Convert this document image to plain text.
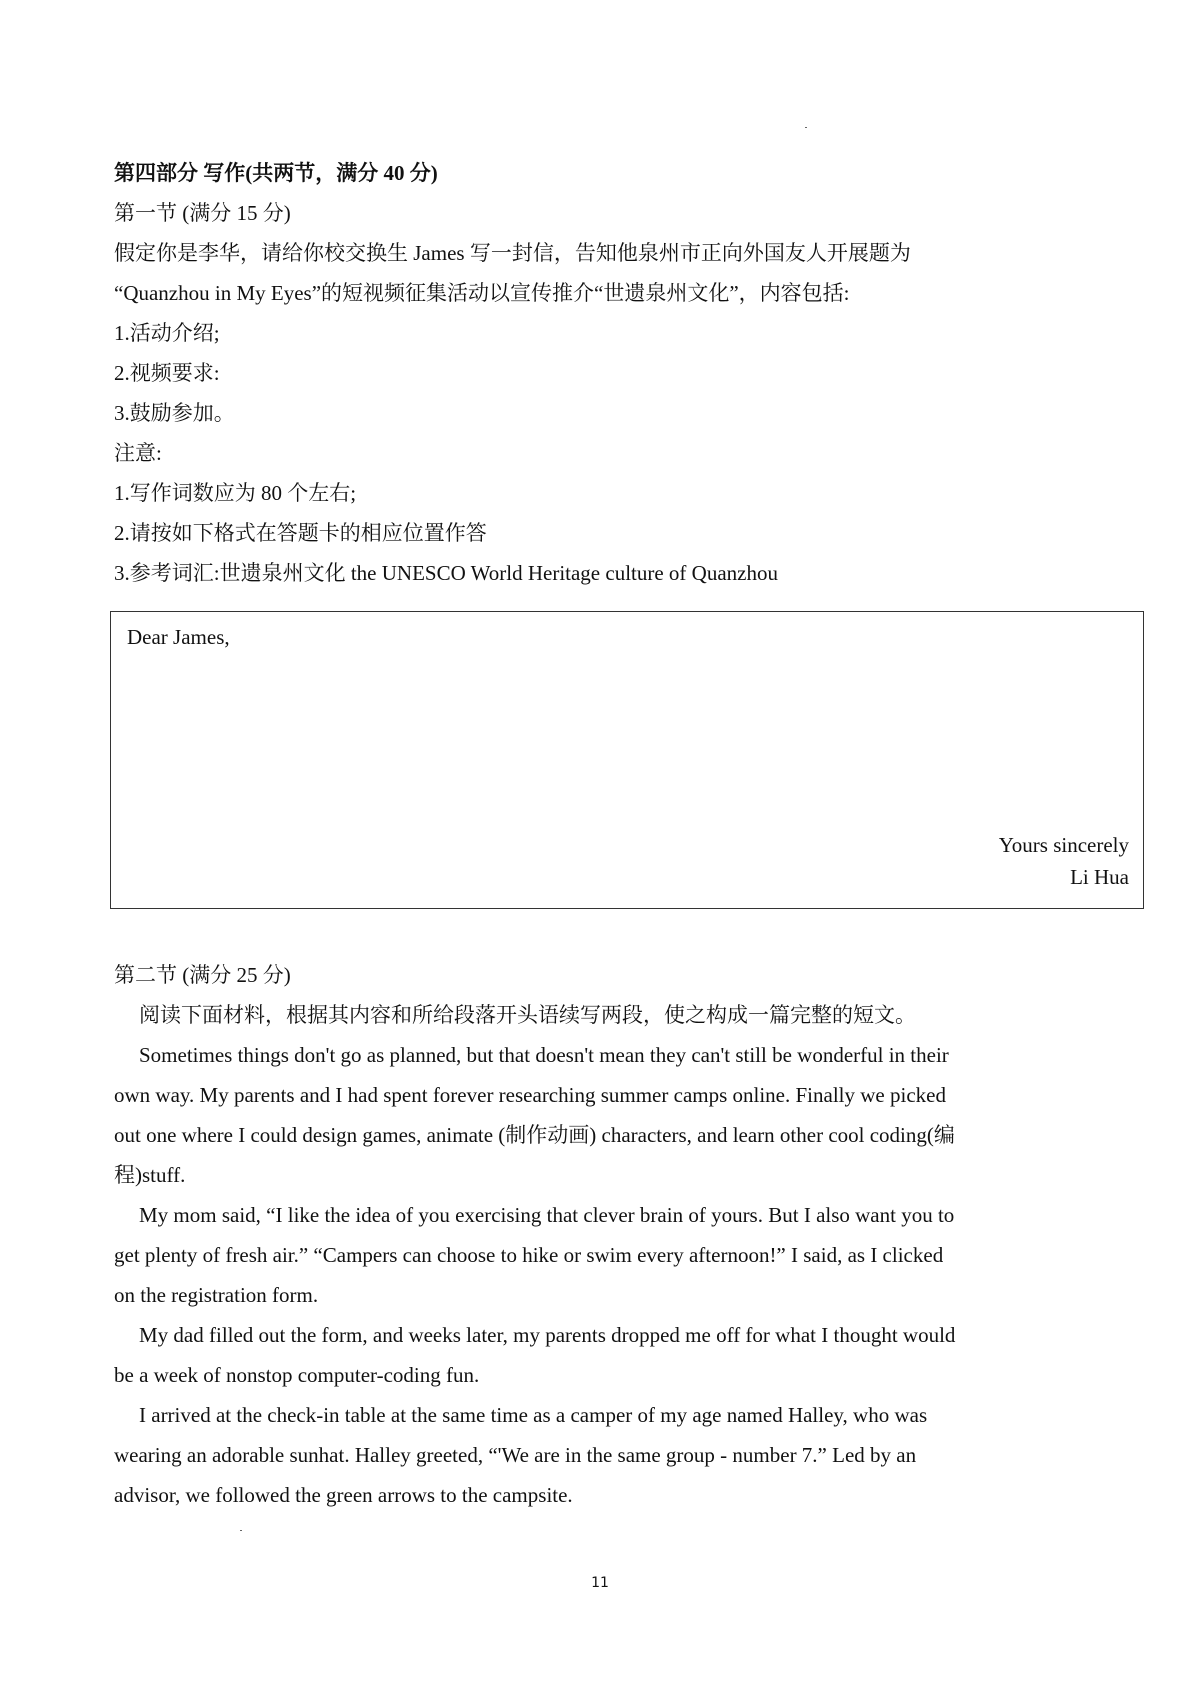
第四部分 写作(共两节，满分 40 分)
第一节 (满分 15 分)
假定你是李华，请给你校交换生 James 写一封信，告知他泉州市正向外国友人开展题为
“Quanzhou in My Eyes”的短视频征集活动以宣传推介“世遗泉州文化”，内容包括:
1.活动介绍;
2.视频要求:
3.鼓励参加。
注意:
1.写作词数应为 80 个左右;
2.请按如下格式在答题卡的相应位置作答
3.参考词汇:世遗泉州文化 the UNESCO World Heritage culture of Quanzhou
Dear James,
Yours sincerely
Li Hua
第二节 (满分 25 分)
阅读下面材料，根据其内容和所给段落开头语续写两段，使之构成一篇完整的短文。
Sometimes things don't go as planned, but that doesn't mean they can't still be wonderful in their
own way. My parents and I had spent forever researching summer camps online. Finally we picked
out one where I could design games, animate (制作动画) characters, and learn other cool coding(编
程)stuff.
My mom said, “I like the idea of you exercising that clever brain of yours. But I also want you to
get plenty of fresh air.” “Campers can choose to hike or swim every afternoon!” I said, as I clicked
on the registration form.
My dad filled out the form, and weeks later, my parents dropped me off for what I thought would
be a week of nonstop computer-coding fun.
I arrived at the check-in table at the same time as a camper of my age named Halley, who was
wearing an adorable sunhat. Halley greeted, “'We are in the same group - number 7.” Led by an
advisor, we followed the green arrows to the campsite.
11
